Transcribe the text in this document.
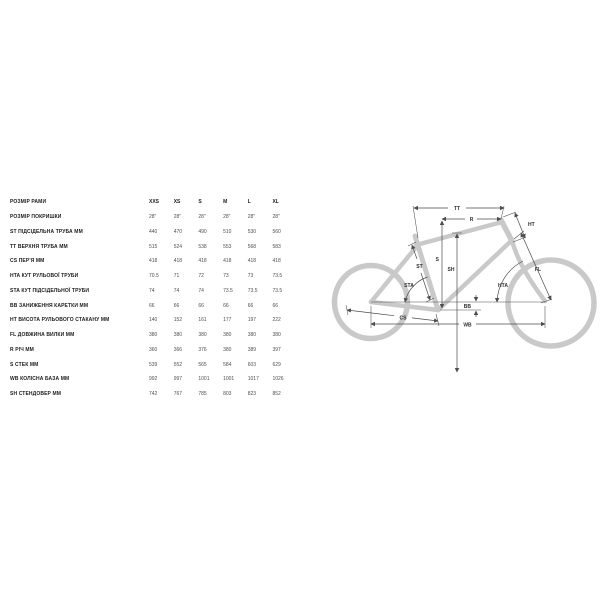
РОЗМІР РАМИ	XXS	XS	S	M	L	XL
РОЗМІР ПОКРИШКИ	28"	28"	28"	28"	28"	28"
ST ПІДСІДЕЛЬНА ТРУБА ММ	440	470	490	510	530	560
TT ВЕРХНЯ ТРУБА ММ	515	524	538	553	568	583
CS ПЕР'Я ММ	418	418	418	418	418	418
HTA КУТ РУЛЬОВОЇ ТРУБИ	70.5	71	72	73	73	73.5
STA КУТ ПІДСІДЕЛЬНОЇ ТРУБИ	74	74	74	73.5	73.5	73.5
BB ЗАНИЖЕННЯ КАРЕТКИ ММ	66	66	66	66	66	66
HT ВИСОТА РУЛЬОВОГО СТАКАНУ ММ	140	152	161	177	197	222
FL ДОВЖИНА ВИЛКИ ММ	380	380	380	380	380	380
R РІЧ ММ	360	366	376	380	389	397
S СТЕК ММ	539	552	565	584	603	629
WB КОЛІСНА БАЗА ММ	992	997	1001	1001	1017	1026
SH СТЕНДОВЕР ММ	742	767	785	803	823	852
TT
R
HT
ST
S
SH	FL
STA	HTA
BB
CS
WB
